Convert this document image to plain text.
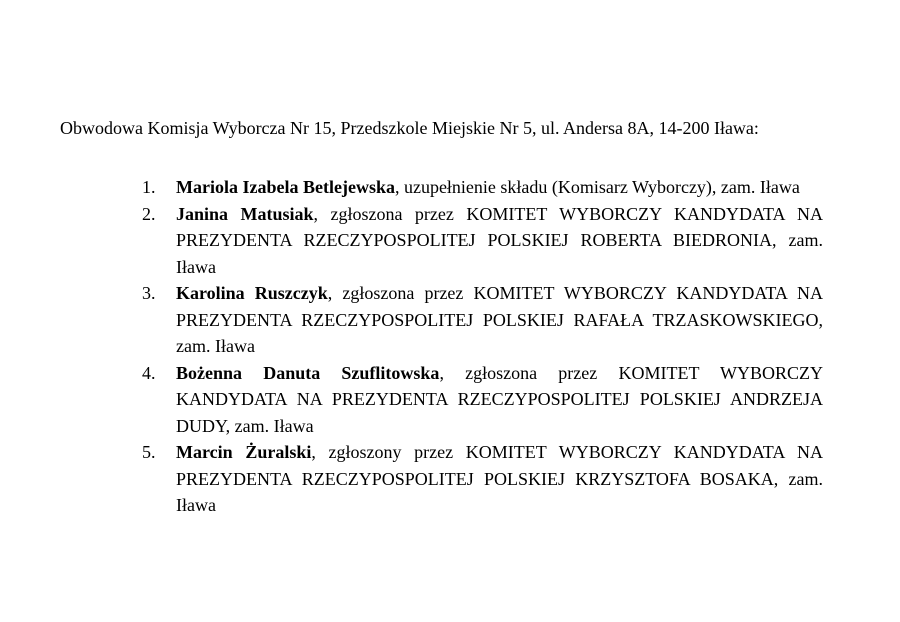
Obwodowa Komisja Wyborcza Nr 15, Przedszkole Miejskie Nr 5, ul. Andersa 8A, 14-200 Iława:

1. Mariola Izabela Betlejewska, uzupełnienie składu (Komisarz Wyborczy), zam. Iława
2. Janina Matusiak, zgłoszona przez KOMITET WYBORCZY KANDYDATA NA PREZYDENTA RZECZYPOSPOLITEJ POLSKIEJ ROBERTA BIEDRONIA, zam. Iława
3. Karolina Ruszczyk, zgłoszona przez KOMITET WYBORCZY KANDYDATA NA PREZYDENTA RZECZYPOSPOLITEJ POLSKIEJ RAFAŁA TRZASKOWSKIEGO, zam. Iława
4. Bożenna Danuta Szuflitowska, zgłoszona przez KOMITET WYBORCZY KANDYDATA NA PREZYDENTA RZECZYPOSPOLITEJ POLSKIEJ ANDRZEJA DUDY, zam. Iława
5. Marcin Żuralski, zgłoszony przez KOMITET WYBORCZY KANDYDATA NA PREZYDENTA RZECZYPOSPOLITEJ POLSKIEJ KRZYSZTOFA BOSAKA, zam. Iława
